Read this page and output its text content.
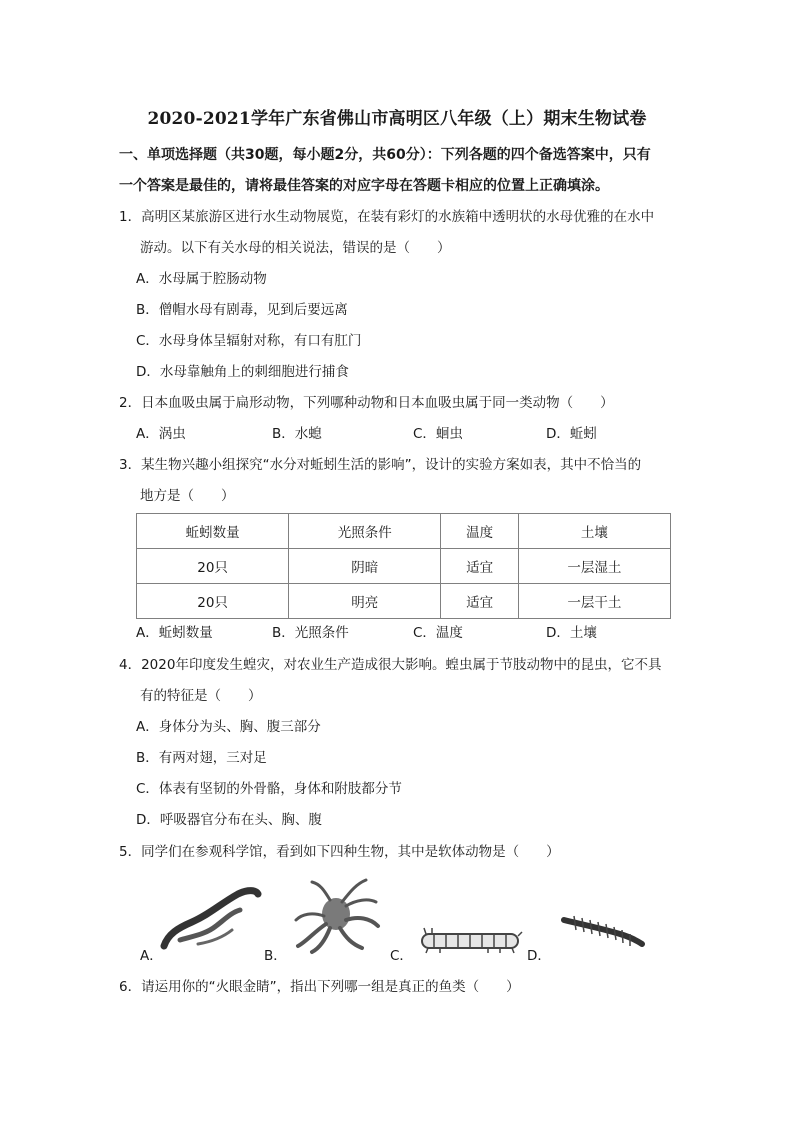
2020-2021学年广东省佛山市高明区八年级（上）期末生物试卷
一、单项选择题（共30题，每小题2分，共60分）：下列各题的四个备选答案中，只有
一个答案是最佳的，请将最佳答案的对应字母在答题卡相应的位置上正确填涂。
1．高明区某旅游区进行水生动物展览，在装有彩灯的水族箱中透明状的水母优雅的在水中
游动。以下有关水母的相关说法，错误的是（　　）
A．水母属于腔肠动物
B．僧帽水母有剧毒，见到后要远离
C．水母身体呈辐射对称，有口有肛门
D．水母靠触角上的刺细胞进行捕食
2．日本血吸虫属于扁形动物，下列哪种动物和日本血吸虫属于同一类动物（　　）
A．涡虫	B．水螅	C．蛔虫	D．蚯蚓
3．某生物兴趣小组探究“水分对蚯蚓生活的影响”，设计的实验方案如表，其中不恰当的
地方是（　　）
蚯蚓数量	光照条件	温度	土壤
20只	阴暗	适宜	一层湿土
20只	明亮	适宜	一层干土
A．蚯蚓数量	B．光照条件	C．温度	D．土壤
4．2020年印度发生蝗灾，对农业生产造成很大影响。蝗虫属于节肢动物中的昆虫，它不具
有的特征是（　　）
A．身体分为头、胸、腹三部分
B．有两对翅，三对足
C．体表有坚韧的外骨骼，身体和附肢都分节
D．呼吸器官分布在头、胸、腹
5．同学们在参观科学馆，看到如下四种生物，其中是软体动物是（　　）
A．	B．	C．	D．
6．请运用你的“火眼金睛”，指出下列哪一组是真正的鱼类（　　）
